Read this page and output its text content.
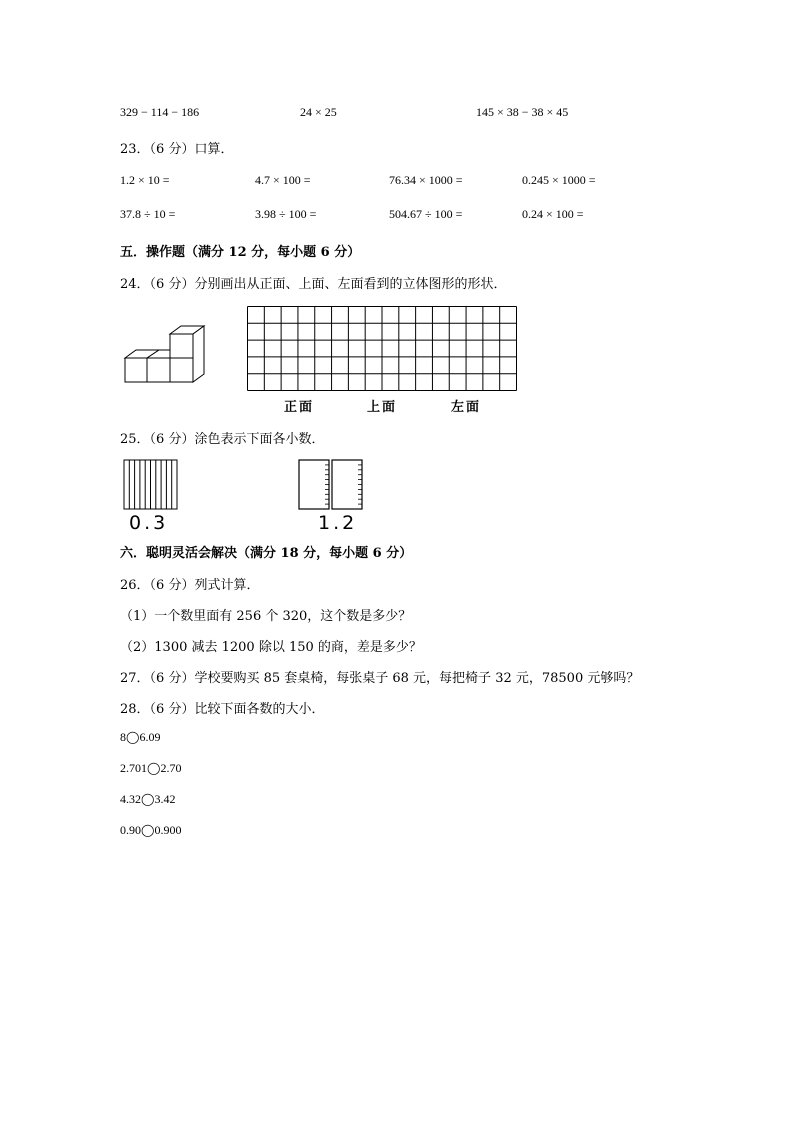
329 − 114 − 186	24 × 25	145 × 38 − 38 × 45
23．（6 分）口算．
1.2 × 10 =	4.7 × 100 =	76.34 × 1000 =	0.245 × 1000 =
37.8 ÷ 10 =	3.98 ÷ 100 =	504.67 ÷ 100 =	0.24 × 100 =
五．操作题（满分 12 分，每小题 6 分）
24．（6 分）分别画出从正面、上面、左面看到的立体图形的形状．
正面	上面	左面
25．（6 分）涂色表示下面各小数．
0.3	1.2
六．聪明灵活会解决（满分 18 分，每小题 6 分）
26．（6 分）列式计算．
（1）一个数里面有 256 个 320，这个数是多少？
（2）1300 减去 1200 除以 150 的商，差是多少？
27．（6 分）学校要购买 85 套桌椅，每张桌子 68 元，每把椅子 32 元，78500 元够吗？
28．（6 分）比较下面各数的大小．
8◯6.09
2.701◯2.70
4.32◯3.42
0.90◯0.900
